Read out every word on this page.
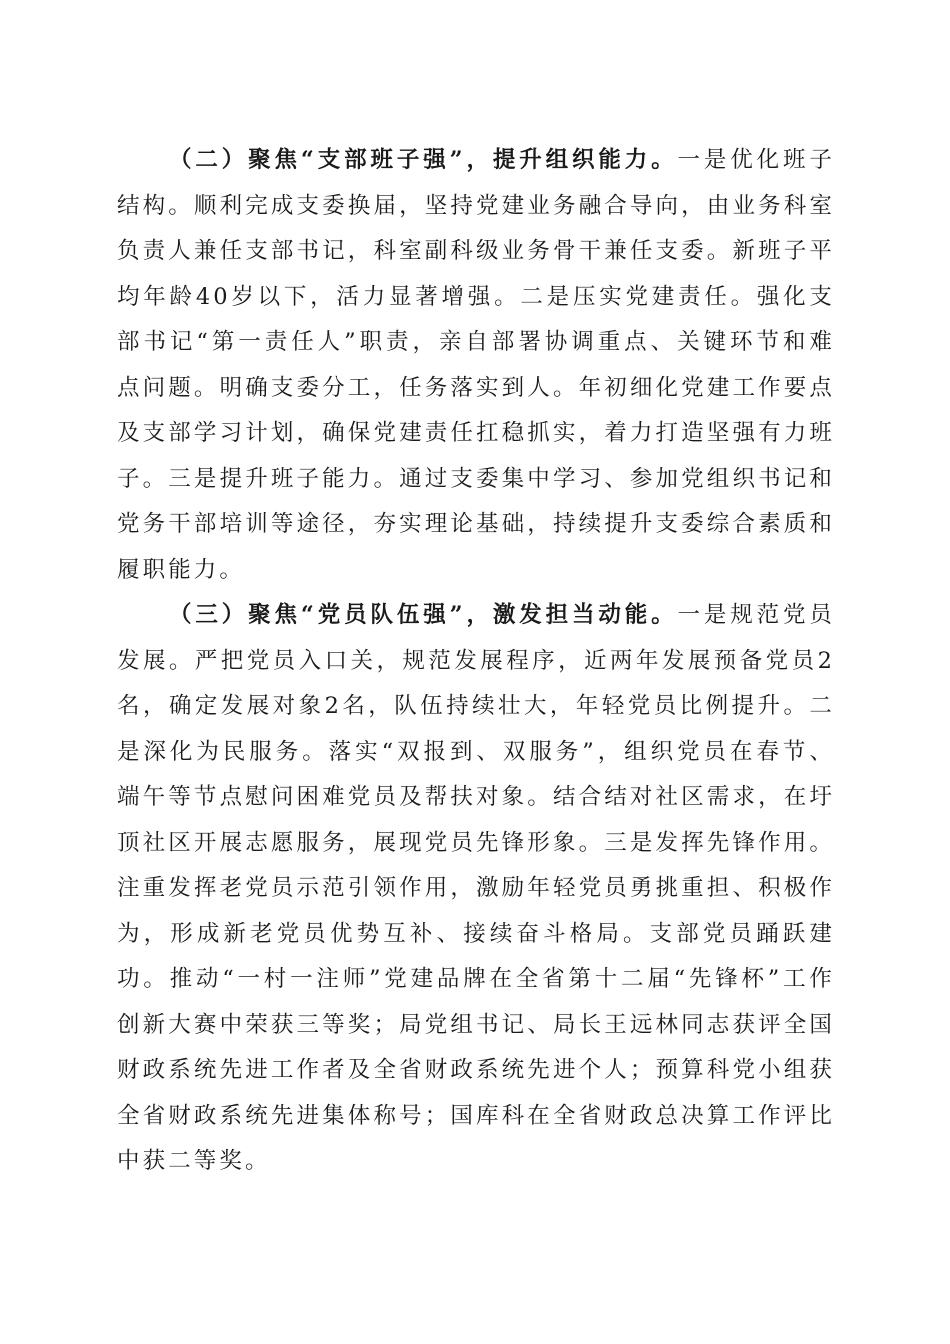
（二）聚焦“支部班子强”，提升组织能力。一是优化班子结构。顺利完成支委换届，坚持党建业务融合导向，由业务科室负责人兼任支部书记，科室副科级业务骨干兼任支委。新班子平均年龄40岁以下，活力显著增强。二是压实党建责任。强化支部书记“第一责任人”职责，亲自部署协调重点、关键环节和难点问题。明确支委分工，任务落实到人。年初细化党建工作要点及支部学习计划，确保党建责任扛稳抓实，着力打造坚强有力班子。三是提升班子能力。通过支委集中学习、参加党组织书记和党务干部培训等途径，夯实理论基础，持续提升支委综合素质和履职能力。

（三）聚焦“党员队伍强”，激发担当动能。一是规范党员发展。严把党员入口关，规范发展程序，近两年发展预备党员2名，确定发展对象2名，队伍持续壮大，年轻党员比例提升。二是深化为民服务。落实“双报到、双服务”，组织党员在春节、端午等节点慰问困难党员及帮扶对象。结合结对社区需求，在圩顶社区开展志愿服务，展现党员先锋形象。三是发挥先锋作用。注重发挥老党员示范引领作用，激励年轻党员勇挑重担、积极作为，形成新老党员优势互补、接续奋斗格局。支部党员踊跃建功。推动“一村一注师”党建品牌在全省第十二届“先锋杯”工作创新大赛中荣获三等奖；局党组书记、局长王远林同志获评全国财政系统先进工作者及全省财政系统先进个人；预算科党小组获全省财政系统先进集体称号；国库科在全省财政总决算工作评比中获二等奖。
